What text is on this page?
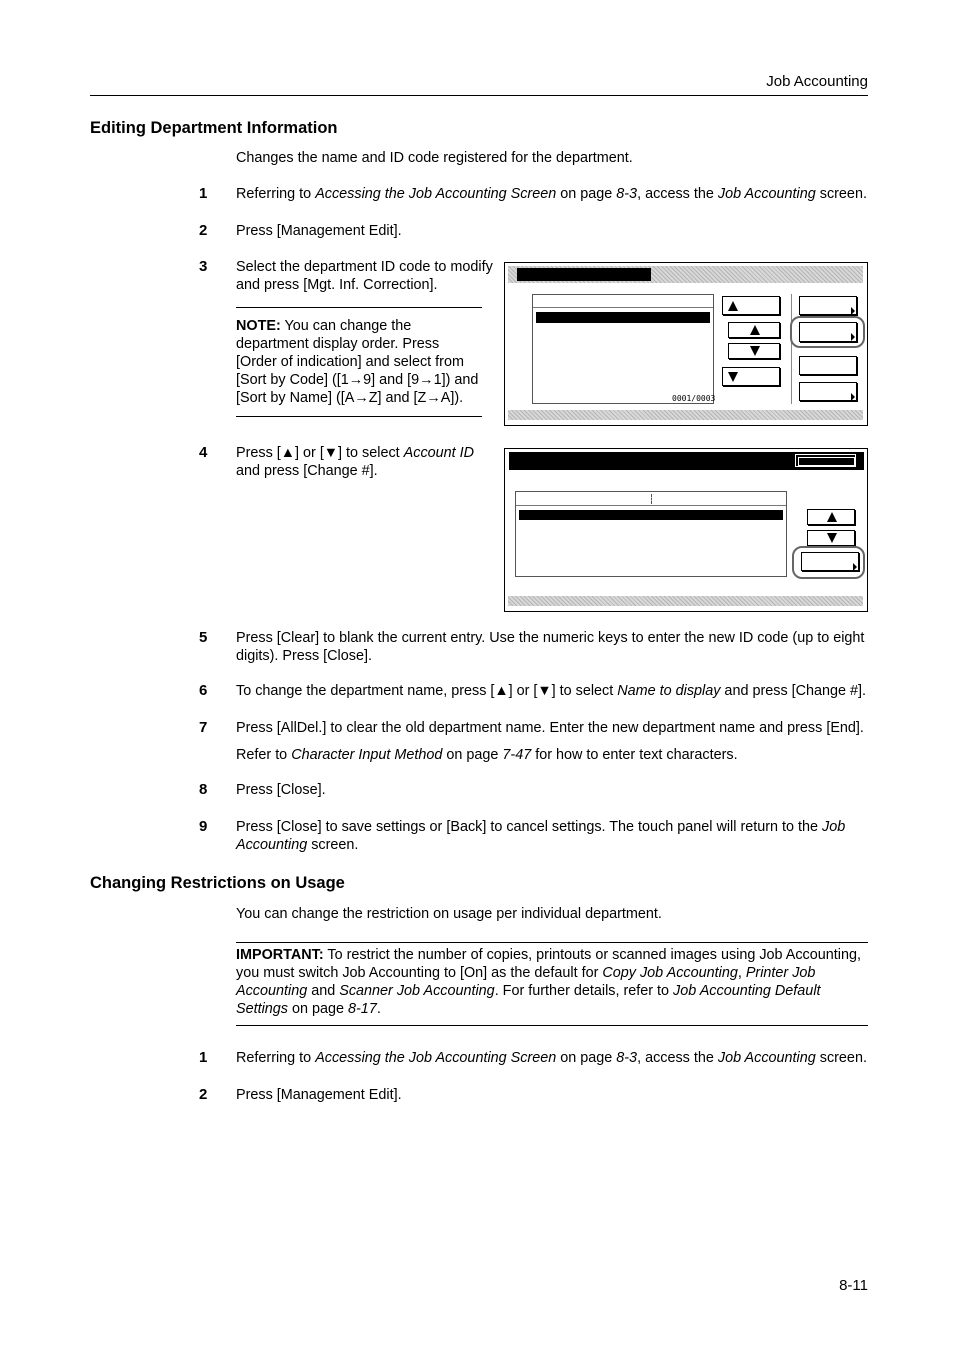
Job Accounting
Editing Department Information
Changes the name and ID code registered for the department.
1 Referring to Accessing the Job Accounting Screen on page 8-3, access the Job Accounting screen.
2 Press [Management Edit].
3 Select the department ID code to modify and press [Mgt. Inf. Correction].
NOTE: You can change the department display order. Press [Order of indication] and select from [Sort by Code] ([1→9] and [9→1]) and [Sort by Name] ([A→Z] and [Z→A]).	0001/0003
4 Press [▲] or [▼] to select Account ID and press [Change #].
5 Press [Clear] to blank the current entry. Use the numeric keys to enter the new ID code (up to eight digits). Press [Close].
6 To change the department name, press [▲] or [▼] to select Name to display and press [Change #].
7 Press [AllDel.] to clear the old department name. Enter the new department name and press [End].
Refer to Character Input Method on page 7-47 for how to enter text characters.
8 Press [Close].
9 Press [Close] to save settings or [Back] to cancel settings. The touch panel will return to the Job Accounting screen.
Changing Restrictions on Usage
You can change the restriction on usage per individual department.
IMPORTANT: To restrict the number of copies, printouts or scanned images using Job Accounting, you must switch Job Accounting to [On] as the default for Copy Job Accounting, Printer Job Accounting and Scanner Job Accounting. For further details, refer to Job Accounting Default Settings on page 8-17.
1 Referring to Accessing the Job Accounting Screen on page 8-3, access the Job Accounting screen.
2 Press [Management Edit].
8-11
